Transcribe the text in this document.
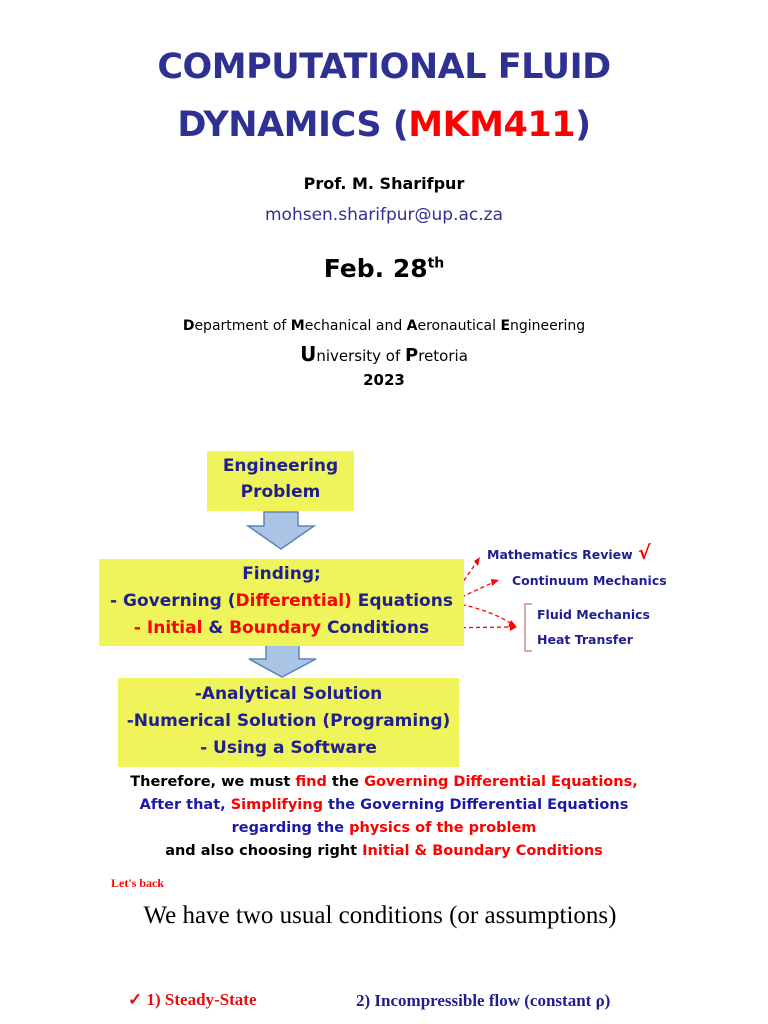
COMPUTATIONAL FLUID
DYNAMICS (MKM411)
Prof. M. Sharifpur
mohsen.sharifpur@up.ac.za
Feb. 28th
Department of Mechanical and Aeronautical Engineering
University of Pretoria
2023
Engineering
Problem
Finding;
- Governing (Differential) Equations
- Initial & Boundary Conditions
-Analytical Solution
-Numerical Solution (Programing)
- Using a Software
Mathematics Review √
Continuum Mechanics
Fluid Mechanics
Heat Transfer
Therefore, we must find the Governing Differential Equations,
After that, Simplifying the Governing Differential Equations
regarding the physics of the problem
and also choosing right Initial & Boundary Conditions
Let's back
We have two usual conditions (or assumptions)
✓ 1) Steady-State	2) Incompressible flow (constant ρ)
